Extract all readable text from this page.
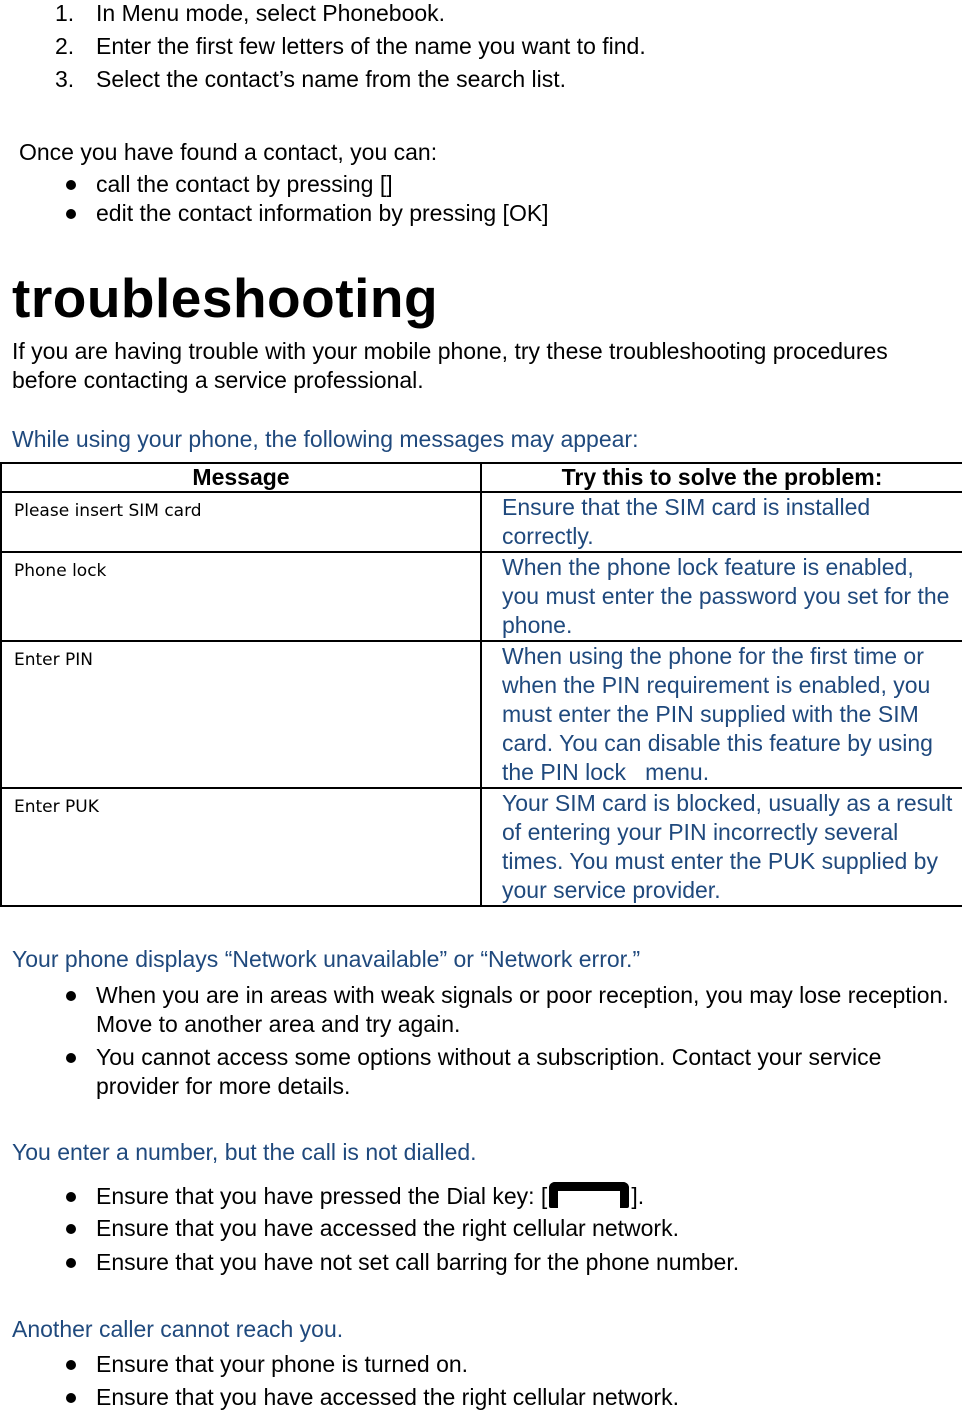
1. In Menu mode, select Phonebook.
2. Enter the first few letters of the name you want to find.
3. Select the contact’s name from the search list.
Once you have found a contact, you can:
call the contact by pressing []
edit the contact information by pressing [OK]
troubleshooting
If you are having trouble with your mobile phone, try these troubleshooting procedures before contacting a service professional.
While using your phone, the following messages may appear:
Message	Try this to solve the problem:
Please insert SIM card	Ensure that the SIM card is installed correctly.
Phone lock	When the phone lock feature is enabled, you must enter the password you set for the phone.
Enter PIN	When using the phone for the first time or when the PIN requirement is enabled, you must enter the PIN supplied with the SIM card. You can disable this feature by using the PIN lock   menu.
Enter PUK	Your SIM card is blocked, usually as a result of entering your PIN incorrectly several times. You must enter the PUK supplied by your service provider.
Your phone displays “Network unavailable” or “Network error.”
When you are in areas with weak signals or poor reception, you may lose reception. Move to another area and try again.
You cannot access some options without a subscription. Contact your service provider for more details.
You enter a number, but the call is not dialled.
Ensure that you have pressed the Dial key: [	].
Ensure that you have accessed the right cellular network.
Ensure that you have not set call barring for the phone number.
Another caller cannot reach you.
Ensure that your phone is turned on.
Ensure that you have accessed the right cellular network.
